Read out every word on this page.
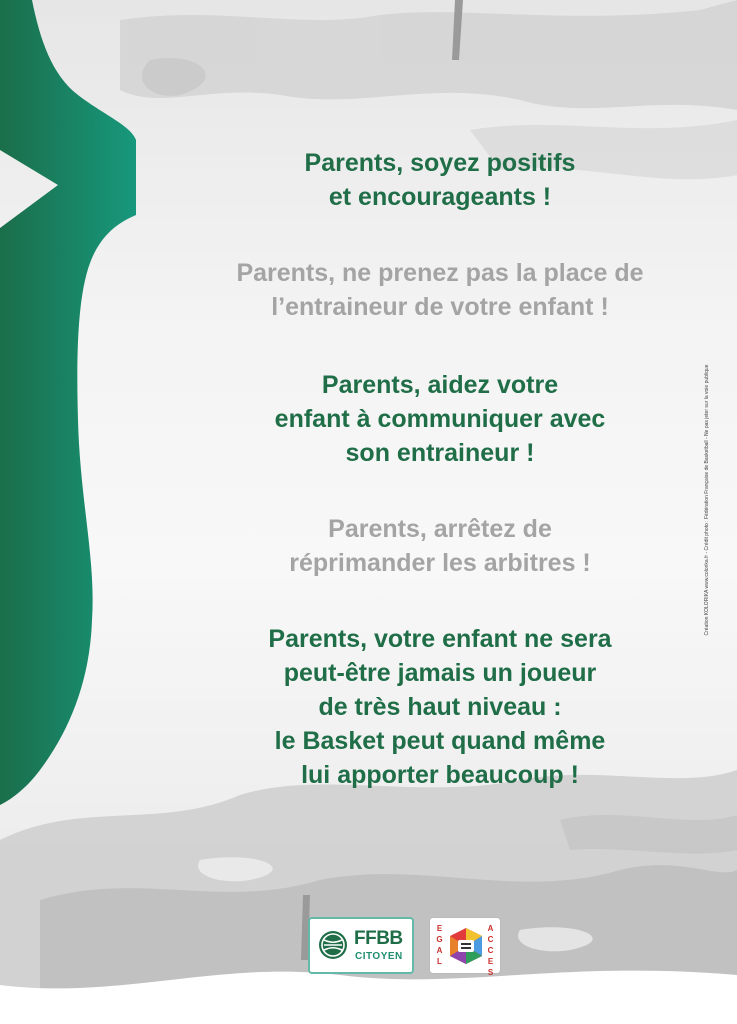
Parents, soyez positifs
et encourageants !

Parents, ne prenez pas la place de
l’entraineur de votre enfant !

Parents, aidez votre
enfant à communiquer avec
son entraineur !

Parents, arrêtez de
réprimander les arbitres !

Parents, votre enfant ne sera
peut-être jamais un joueur
de très haut niveau :
le Basket peut quand même
lui apporter beaucoup !

Création KOLORIKA www.colorika.fr - Crédit photo : Fédération Française de Basketball - Ne pas jeter sur la voie publique
FFBB
CITOYEN
E
G
A
L
A
C
C
E
S
